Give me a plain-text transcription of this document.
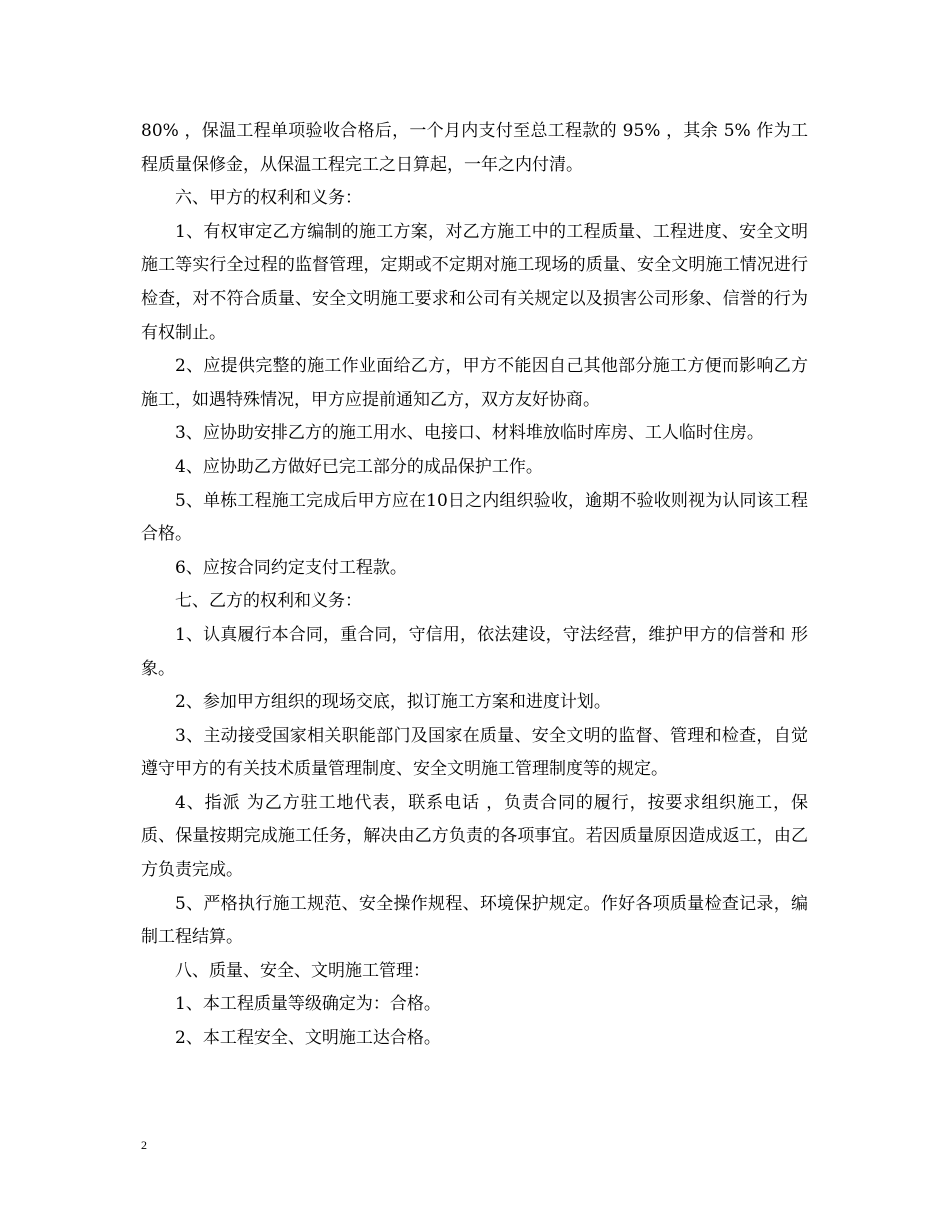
80% ，保温工程单项验收合格后，一个月内支付至总工程款的 95% ，其余 5% 作为工程质量保修金，从保温工程完工之日算起，一年之内付清。

六、甲方的权利和义务：

1、有权审定乙方编制的施工方案，对乙方施工中的工程质量、工程进度、安全文明施工等实行全过程的监督管理，定期或不定期对施工现场的质量、安全文明施工情况进行检查，对不符合质量、安全文明施工要求和公司有关规定以及损害公司形象、信誉的行为有权制止。

2、应提供完整的施工作业面给乙方，甲方不能因自己其他部分施工方便而影响乙方施工，如遇特殊情况，甲方应提前通知乙方，双方友好协商。

3、应协助安排乙方的施工用水、电接口、材料堆放临时库房、工人临时住房。

4、应协助乙方做好已完工部分的成品保护工作。

5、单栋工程施工完成后甲方应在10日之内组织验收，逾期不验收则视为认同该工程合格。

6、应按合同约定支付工程款。

七、乙方的权利和义务：

1、认真履行本合同，重合同，守信用，依法建设，守法经营，维护甲方的信誉和 形象。

2、参加甲方组织的现场交底，拟订施工方案和进度计划。

3、主动接受国家相关职能部门及国家在质量、安全文明的监督、管理和检查，自觉遵守甲方的有关技术质量管理制度、安全文明施工管理制度等的规定。

4、指派 为乙方驻工地代表，联系电话 ，负责合同的履行，按要求组织施工，保质、保量按期完成施工任务，解决由乙方负责的各项事宜。若因质量原因造成返工，由乙方负责完成。

5、严格执行施工规范、安全操作规程、环境保护规定。作好各项质量检查记录，编制工程结算。

八、质量、安全、文明施工管理：

1、本工程质量等级确定为：合格。

2、本工程安全、文明施工达合格。

2
